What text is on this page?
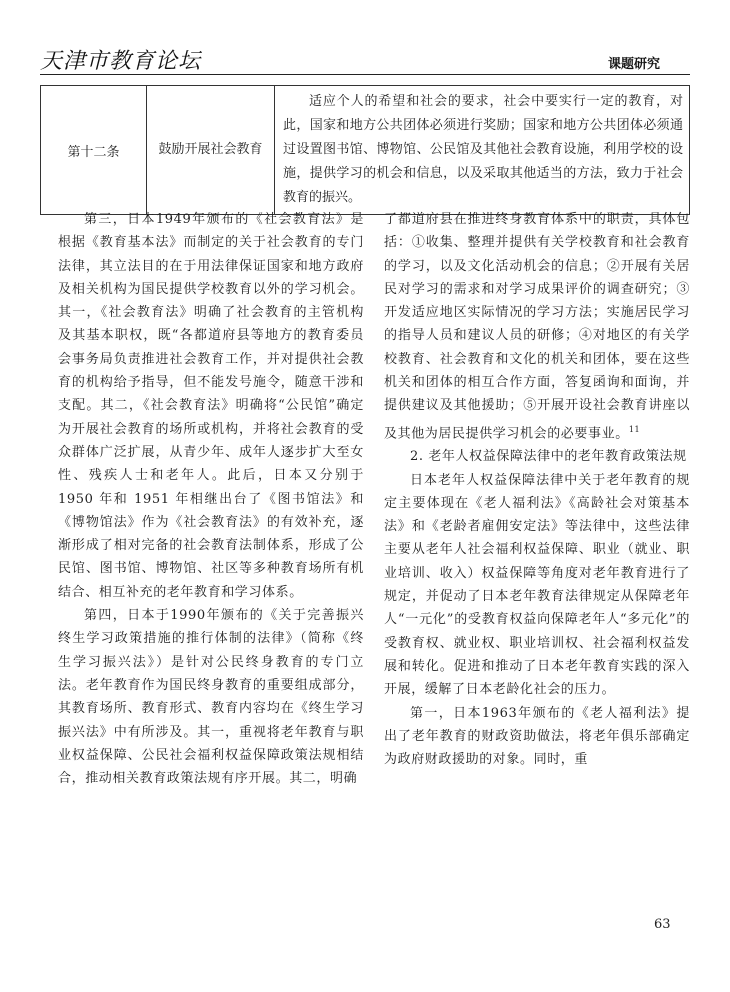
天津市教育论坛	课题研究
第十二条	鼓励开展社会教育	适应个人的希望和社会的要求，社会中要实行一定的教育，对此，国家和地方公共团体必须进行奖励；国家和地方公共团体必须通过设置图书馆、博物馆、公民馆及其他社会教育设施，利用学校的设施，提供学习的机会和信息，以及采取其他适当的方法，致力于社会教育的振兴。

第三，日本1949年颁布的《社会教育法》是根据《教育基本法》而制定的关于社会教育的专门法律，其立法目的在于用法律保证国家和地方政府及相关机构为国民提供学校教育以外的学习机会。其一，《社会教育法》明确了社会教育的主管机构及其基本职权，既“各都道府县等地方的教育委员会事务局负责推进社会教育工作，并对提供社会教育的机构给予指导，但不能发号施令，随意干涉和支配。其二，《社会教育法》明确将“公民馆”确定为开展社会教育的场所或机构，并将社会教育的受众群体广泛扩展，从青少年、成年人逐步扩大至女性、残疾人士和老年人。此后，日本又分别于 1950 年和 1951 年相继出台了《图书馆法》和《博物馆法》作为《社会教育法》的有效补充，逐渐形成了相对完备的社会教育法制体系，形成了公民馆、图书馆、博物馆、社区等多种教育场所有机结合、相互补充的老年教育和学习体系。

第四，日本于1990年颁布的《关于完善振兴终生学习政策措施的推行体制的法律》（简称《终生学习振兴法》）是针对公民终身教育的专门立法。老年教育作为国民终身教育的重要组成部分，其教育场所、教育形式、教育内容均在《终生学习振兴法》中有所涉及。其一，重视将老年教育与职业权益保障、公民社会福利权益保障政策法规相结合，推动相关教育政策法规有序开展。其二，明确

了都道府县在推进终身教育体系中的职责，具体包括：①收集、整理并提供有关学校教育和社会教育的学习，以及文化活动机会的信息；②开展有关居民对学习的需求和对学习成果评价的调查研究；③开发适应地区实际情况的学习方法；实施居民学习的指导人员和建议人员的研修；④对地区的有关学校教育、社会教育和文化的机关和团体，要在这些机关和团体的相互合作方面，答复函询和面询，并提供建议及其他援助；⑤开展开设社会教育讲座以及其他为居民提供学习机会的必要事业。$^{11}$

2. 老年人权益保障法律中的老年教育政策法规

日本老年人权益保障法律中关于老年教育的规定主要体现在《老人福利法》《高龄社会对策基本法》和《老龄者雇佣安定法》等法律中，这些法律主要从老年人社会福利权益保障、职业（就业、职业培训、收入）权益保障等角度对老年教育进行了规定，并促动了日本老年教育法律规定从保障老年人“一元化”的受教育权益向保障老年人“多元化”的受教育权、就业权、职业培训权、社会福利权益发展和转化。促进和推动了日本老年教育实践的深入开展，缓解了日本老龄化社会的压力。

第一，日本1963年颁布的《老人福利法》提出了老年教育的财政资助做法，将老年俱乐部确定为政府财政援助的对象。同时，重

63
